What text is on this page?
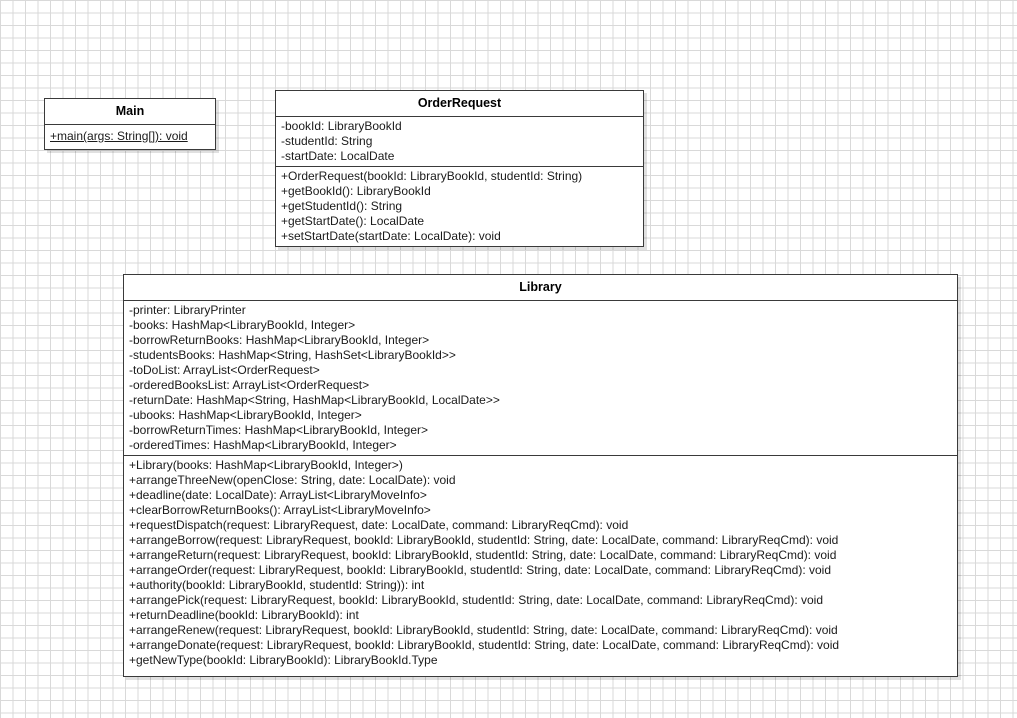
Main
+main(args: String[]): void
OrderRequest
-bookId: LibraryBookId
-studentId: String
-startDate: LocalDate
+OrderRequest(bookId: LibraryBookId, studentId: String)
+getBookId(): LibraryBookId
+getStudentId(): String
+getStartDate(): LocalDate
+setStartDate(startDate: LocalDate): void
Library
-printer: LibraryPrinter
-books: HashMap<LibraryBookId, Integer>
-borrowReturnBooks: HashMap<LibraryBookId, Integer>
-studentsBooks: HashMap<String, HashSet<LibraryBookId>>
-toDoList: ArrayList<OrderRequest>
-orderedBooksList: ArrayList<OrderRequest>
-returnDate: HashMap<String, HashMap<LibraryBookId, LocalDate>>
-ubooks: HashMap<LibraryBookId, Integer>
-borrowReturnTimes: HashMap<LibraryBookId, Integer>
-orderedTimes: HashMap<LibraryBookId, Integer>
+Library(books: HashMap<LibraryBookId, Integer>)
+arrangeThreeNew(openClose: String, date: LocalDate): void
+deadline(date: LocalDate): ArrayList<LibraryMoveInfo>
+clearBorrowReturnBooks(): ArrayList<LibraryMoveInfo>
+requestDispatch(request: LibraryRequest, date: LocalDate, command: LibraryReqCmd): void
+arrangeBorrow(request: LibraryRequest, bookId: LibraryBookId, studentId: String, date: LocalDate, command: LibraryReqCmd): void
+arrangeReturn(request: LibraryRequest, bookId: LibraryBookId, studentId: String, date: LocalDate, command: LibraryReqCmd): void
+arrangeOrder(request: LibraryRequest, bookId: LibraryBookId, studentId: String, date: LocalDate, command: LibraryReqCmd): void
+authority(bookId: LibraryBookId, studentId: String)): int
+arrangePick(request: LibraryRequest, bookId: LibraryBookId, studentId: String, date: LocalDate, command: LibraryReqCmd): void
+returnDeadline(bookId: LibraryBookId): int
+arrangeRenew(request: LibraryRequest, bookId: LibraryBookId, studentId: String, date: LocalDate, command: LibraryReqCmd): void
+arrangeDonate(request: LibraryRequest, bookId: LibraryBookId, studentId: String, date: LocalDate, command: LibraryReqCmd): void
+getNewType(bookId: LibraryBookId): LibraryBookId.Type
